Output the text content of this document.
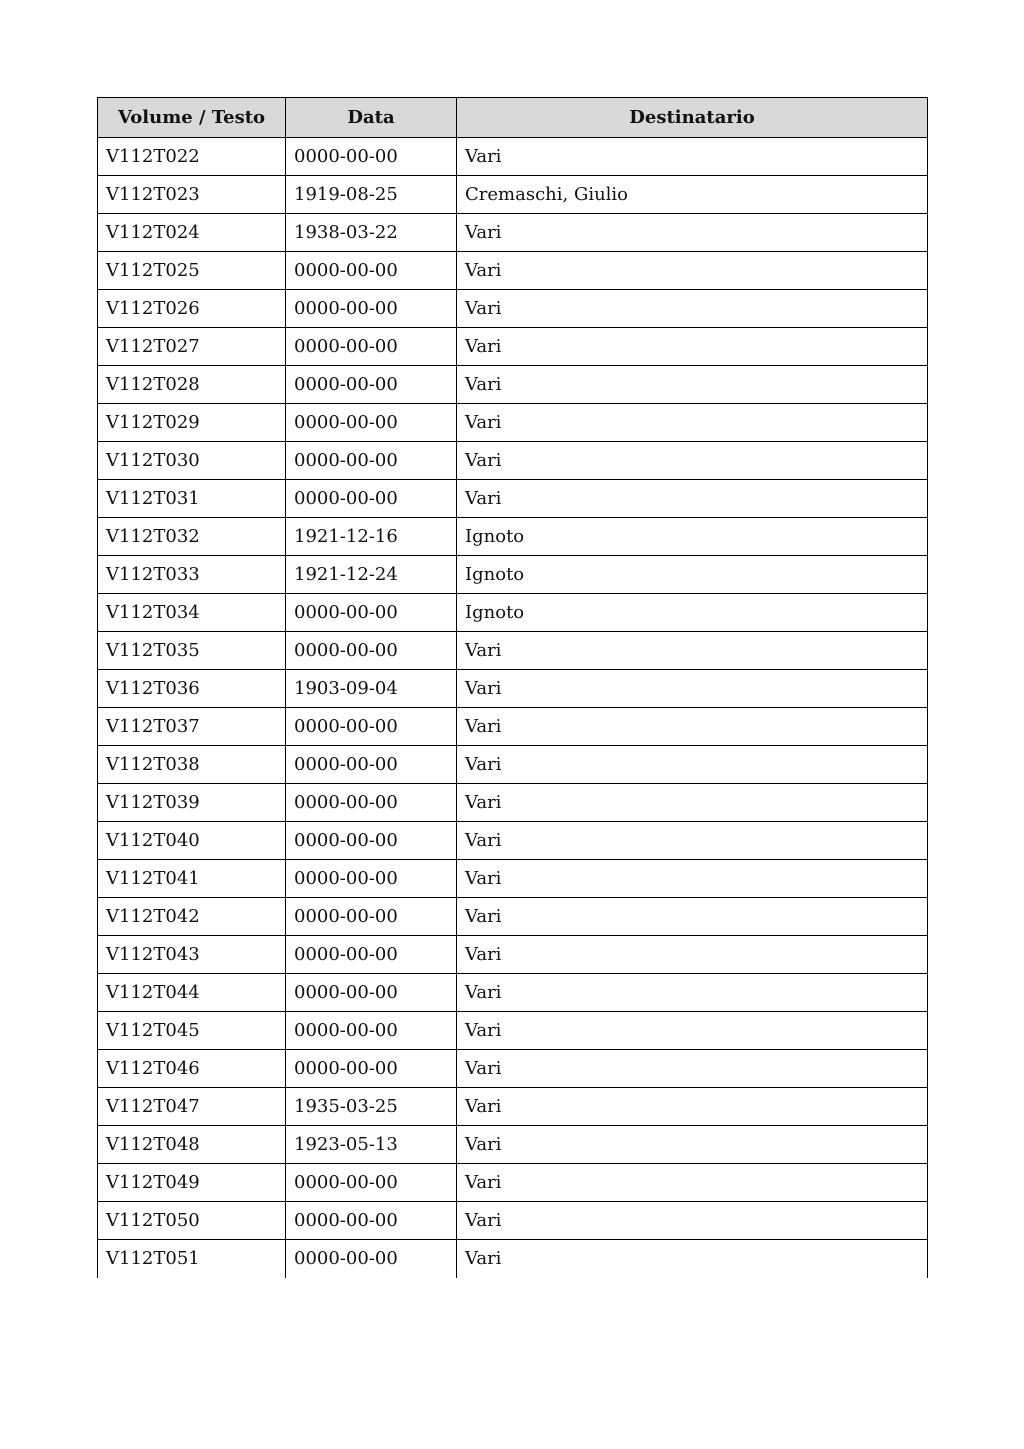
Volume / Testo	Data	Destinatario
V112T022	0000-00-00	Vari
V112T023	1919-08-25	Cremaschi, Giulio
V112T024	1938-03-22	Vari
V112T025	0000-00-00	Vari
V112T026	0000-00-00	Vari
V112T027	0000-00-00	Vari
V112T028	0000-00-00	Vari
V112T029	0000-00-00	Vari
V112T030	0000-00-00	Vari
V112T031	0000-00-00	Vari
V112T032	1921-12-16	Ignoto
V112T033	1921-12-24	Ignoto
V112T034	0000-00-00	Ignoto
V112T035	0000-00-00	Vari
V112T036	1903-09-04	Vari
V112T037	0000-00-00	Vari
V112T038	0000-00-00	Vari
V112T039	0000-00-00	Vari
V112T040	0000-00-00	Vari
V112T041	0000-00-00	Vari
V112T042	0000-00-00	Vari
V112T043	0000-00-00	Vari
V112T044	0000-00-00	Vari
V112T045	0000-00-00	Vari
V112T046	0000-00-00	Vari
V112T047	1935-03-25	Vari
V112T048	1923-05-13	Vari
V112T049	0000-00-00	Vari
V112T050	0000-00-00	Vari
V112T051	0000-00-00	Vari
